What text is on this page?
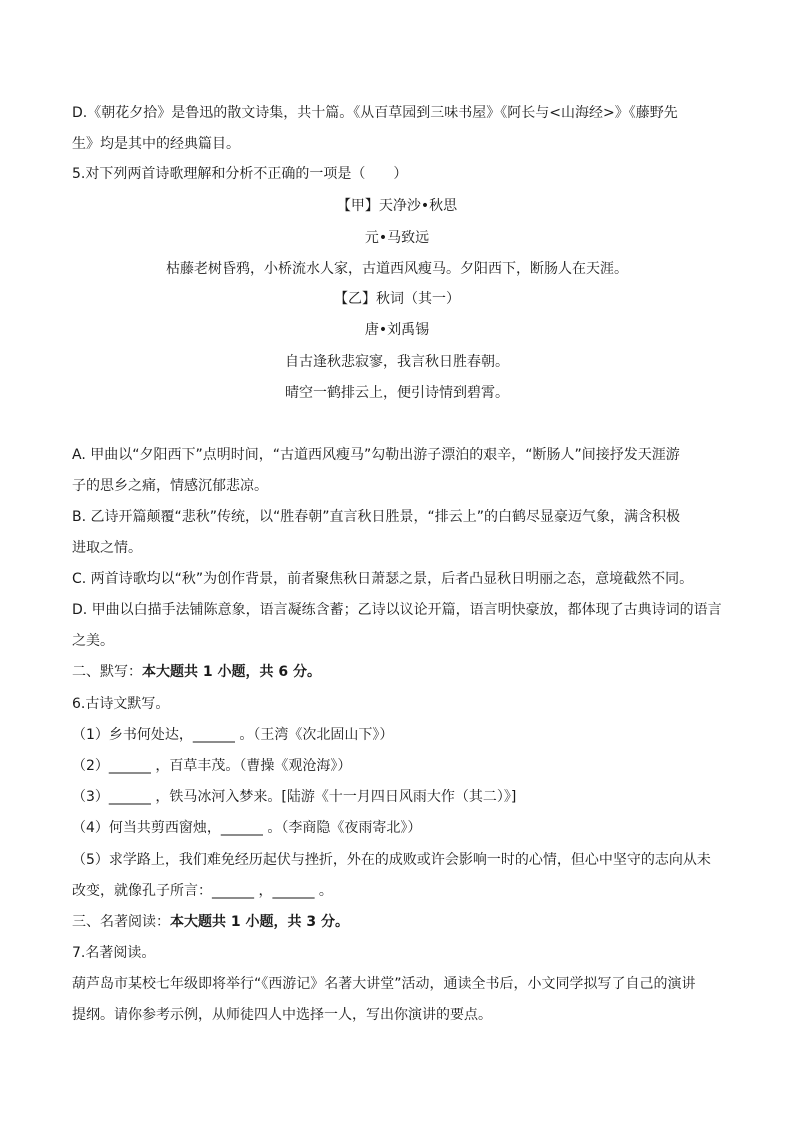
D.《朝花夕拾》是鲁迅的散文诗集，共十篇。《从百草园到三味书屋》《阿长与<山海经>》《藤野先
生》均是其中的经典篇目。
5.对下列两首诗歌理解和分析不正确的一项是（　　）
【甲】天净沙•秋思
元•马致远
枯藤老树昏鸦，小桥流水人家，古道西风瘦马。夕阳西下，断肠人在天涯。
【乙】秋词（其一）
唐•刘禹锡
自古逢秋悲寂寥，我言秋日胜春朝。
晴空一鹤排云上，便引诗情到碧霄。
A. 甲曲以“夕阳西下”点明时间，“古道西风瘦马”勾勒出游子漂泊的艰辛，“断肠人”间接抒发天涯游
子的思乡之痛，情感沉郁悲凉。
B. 乙诗开篇颠覆“悲秋”传统，以“胜春朝”直言秋日胜景，“排云上”的白鹤尽显豪迈气象，满含积极
进取之情。
C. 两首诗歌均以“秋”为创作背景，前者聚焦秋日萧瑟之景，后者凸显秋日明丽之态，意境截然不同。
D. 甲曲以白描手法铺陈意象，语言凝练含蓄；乙诗以议论开篇，语言明快豪放，都体现了古典诗词的语言
之美。
二、默写：本大题共 1 小题，共 6 分。
6.古诗文默写。
（1）乡书何处达，______ 。（王湾《次北固山下》）
（2）______ ，百草丰茂。（曹操《观沧海》）
（3）______ ，铁马冰河入梦来。[陆游《十一月四日风雨大作（其二）》]
（4）何当共剪西窗烛，______ 。（李商隐《夜雨寄北》）
（5）求学路上，我们难免经历起伏与挫折，外在的成败或许会影响一时的心情，但心中坚守的志向从未
改变，就像孔子所言：______ ，______ 。
三、名著阅读：本大题共 1 小题，共 3 分。
7.名著阅读。
葫芦岛市某校七年级即将举行“《西游记》名著大讲堂”活动，通读全书后，小文同学拟写了自己的演讲
提纲。请你参考示例，从师徒四人中选择一人，写出你演讲的要点。
